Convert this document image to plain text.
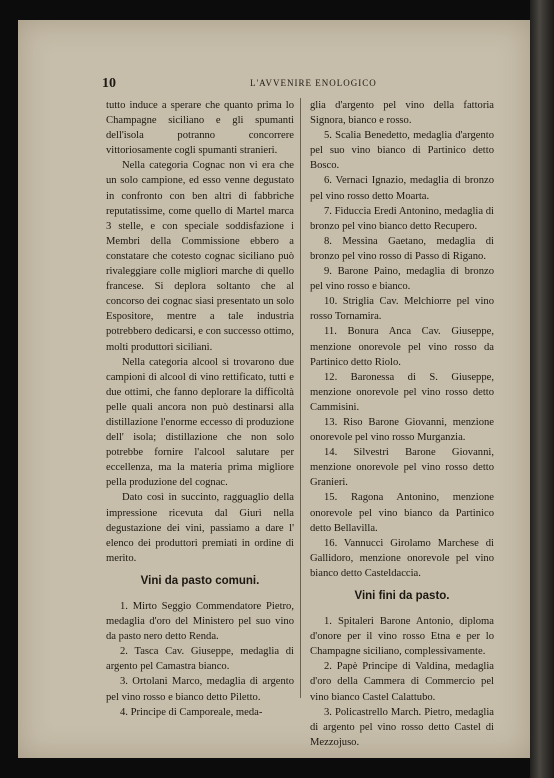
10	L'AVVENIRE ENOLOGICO

tutto induce a sperare che quanto prima lo Champagne siciliano e gli spumanti dell'isola potranno concorrere vittoriosamente cogli spumanti stranieri.

Nella categoria Cognac non vi era che un solo campione, ed esso venne degustato in confronto con ben altri di fabbriche reputatissime, come quello di Martel marca 3 stelle, e con speciale soddisfazione i Membri della Commissione ebbero a constatare che cotesto cognac siciliano può rivaleggiare colle migliori marche di quello francese. Si deplora soltanto che al concorso dei cognac siasi presentato un solo Espositore, mentre a tale industria potrebbero dedicarsi, e con successo ottimo, molti produttori siciliani.

Nella categoria alcool si trovarono due campioni di alcool di vino rettificato, tutti e due ottimi, che fanno deplorare la difficoltà pelle quali ancora non può destinarsi alla distillazione l'enorme eccesso di produzione dell' isola; distillazione che non solo potrebbe fornire l'alcool salutare per eccellenza, ma la materia prima migliore pella produzione del cognac.

Dato così in succinto, ragguaglio della impressione ricevuta dal Giurì nella degustazione dei vini, passiamo a dare l' elenco dei produttori premiati in ordine di merito.

Vini da pasto comuni.

1. Mirto Seggio Commendatore Pietro, medaglia d'oro del Ministero pel suo vino da pasto nero detto Renda.

2. Tasca Cav. Giuseppe, medaglia di argento pel Camastra bianco.

3. Ortolani Marco, medaglia di argento pel vino rosso e bianco detto Piletto.

4. Principe di Camporeale, meda-

glia d'argento pel vino della fattoria Signora, bianco e rosso.

5. Scalia Benedetto, medaglia d'argento pel suo vino bianco di Partinico detto Bosco.

6. Vernaci Ignazio, medaglia di bronzo pel vino rosso detto Moarta.

7. Fiduccia Eredi Antonino, medaglia di bronzo pel vino bianco detto Recupero.

8. Messina Gaetano, medaglia di bronzo pel vino rosso di Passo di Rigano.

9. Barone Paino, medaglia di bronzo pel vino rosso e bianco.

10. Striglia Cav. Melchiorre pel vino rosso Tornamira.

11. Bonura Anca Cav. Giuseppe, menzione onorevole pel vino rosso da Partinico detto Riolo.

12. Baronessa di S. Giuseppe, menzione onorevole pel vino rosso detto Cammisini.

13. Riso Barone Giovanni, menzione onorevole pel vino rosso Murganzia.

14. Silvestri Barone Giovanni, menzione onorevole pel vino rosso detto Granieri.

15. Ragona Antonino, menzione onorevole pel vino bianco da Partinico detto Bellavilla.

16. Vannucci Girolamo Marchese di Gallidoro, menzione onorevole pel vino bianco detto Casteldaccia.

Vini fini da pasto.

1. Spitaleri Barone Antonio, diploma d'onore per il vino rosso Etna e per lo Champagne siciliano, complessivamente.

2. Papè Principe di Valdina, medaglia d'oro della Cammera di Commercio pel vino bianco Castel Calattubo.

3. Policastrello March. Pietro, medaglia di argento pel vino rosso detto Castel di Mezzojuso.
